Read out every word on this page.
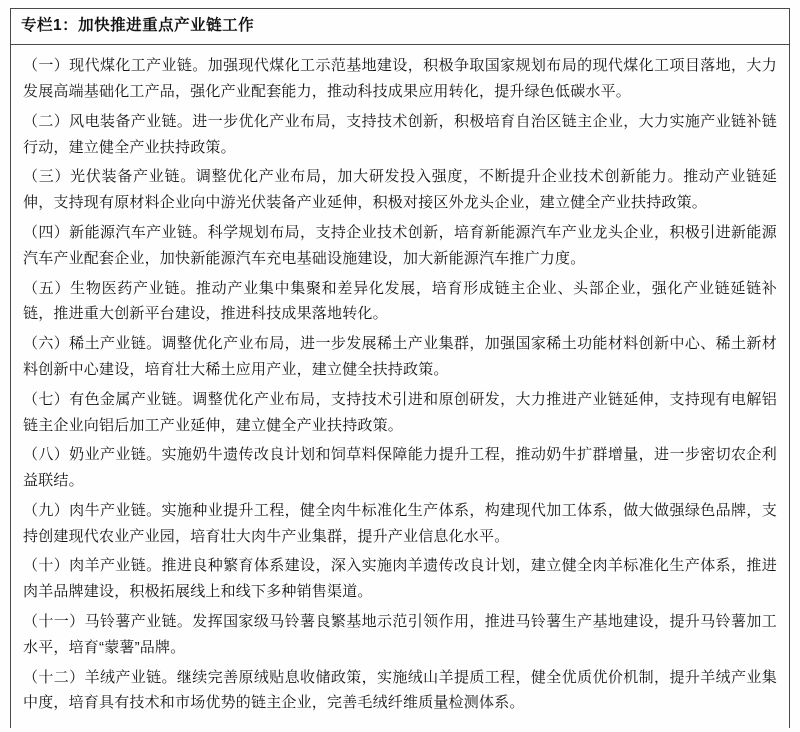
专栏1：加快推进重点产业链工作

（一）现代煤化工产业链。加强现代煤化工示范基地建设，积极争取国家规划布局的现代煤化工项目落地，大力发展高端基础化工产品，强化产业配套能力，推动科技成果应用转化，提升绿色低碳水平。

（二）风电装备产业链。进一步优化产业布局，支持技术创新，积极培育自治区链主企业，大力实施产业链补链行动，建立健全产业扶持政策。

（三）光伏装备产业链。调整优化产业布局，加大研发投入强度，不断提升企业技术创新能力。推动产业链延伸，支持现有原材料企业向中游光伏装备产业延伸，积极对接区外龙头企业，建立健全产业扶持政策。

（四）新能源汽车产业链。科学规划布局，支持企业技术创新，培育新能源汽车产业龙头企业，积极引进新能源汽车产业配套企业，加快新能源汽车充电基础设施建设，加大新能源汽车推广力度。

（五）生物医药产业链。推动产业集中集聚和差异化发展，培育形成链主企业、头部企业，强化产业链延链补链，推进重大创新平台建设，推进科技成果落地转化。

（六）稀土产业链。调整优化产业布局，进一步发展稀土产业集群，加强国家稀土功能材料创新中心、稀土新材料创新中心建设，培育壮大稀土应用产业，建立健全扶持政策。

（七）有色金属产业链。调整优化产业布局，支持技术引进和原创研发，大力推进产业链延伸，支持现有电解铝链主企业向铝后加工产业延伸，建立健全产业扶持政策。

（八）奶业产业链。实施奶牛遗传改良计划和饲草料保障能力提升工程，推动奶牛扩群增量，进一步密切农企利益联结。

（九）肉牛产业链。实施种业提升工程，健全肉牛标准化生产体系，构建现代加工体系，做大做强绿色品牌，支持创建现代农业产业园，培育壮大肉牛产业集群，提升产业信息化水平。

（十）肉羊产业链。推进良种繁育体系建设，深入实施肉羊遗传改良计划，建立健全肉羊标准化生产体系，推进肉羊品牌建设，积极拓展线上和线下多种销售渠道。

（十一）马铃薯产业链。发挥国家级马铃薯良繁基地示范引领作用，推进马铃薯生产基地建设，提升马铃薯加工水平，培育“蒙薯”品牌。

（十二）羊绒产业链。继续完善原绒贴息收储政策，实施绒山羊提质工程，健全优质优价机制，提升羊绒产业集中度，培育具有技术和市场优势的链主企业，完善毛绒纤维质量检测体系。
